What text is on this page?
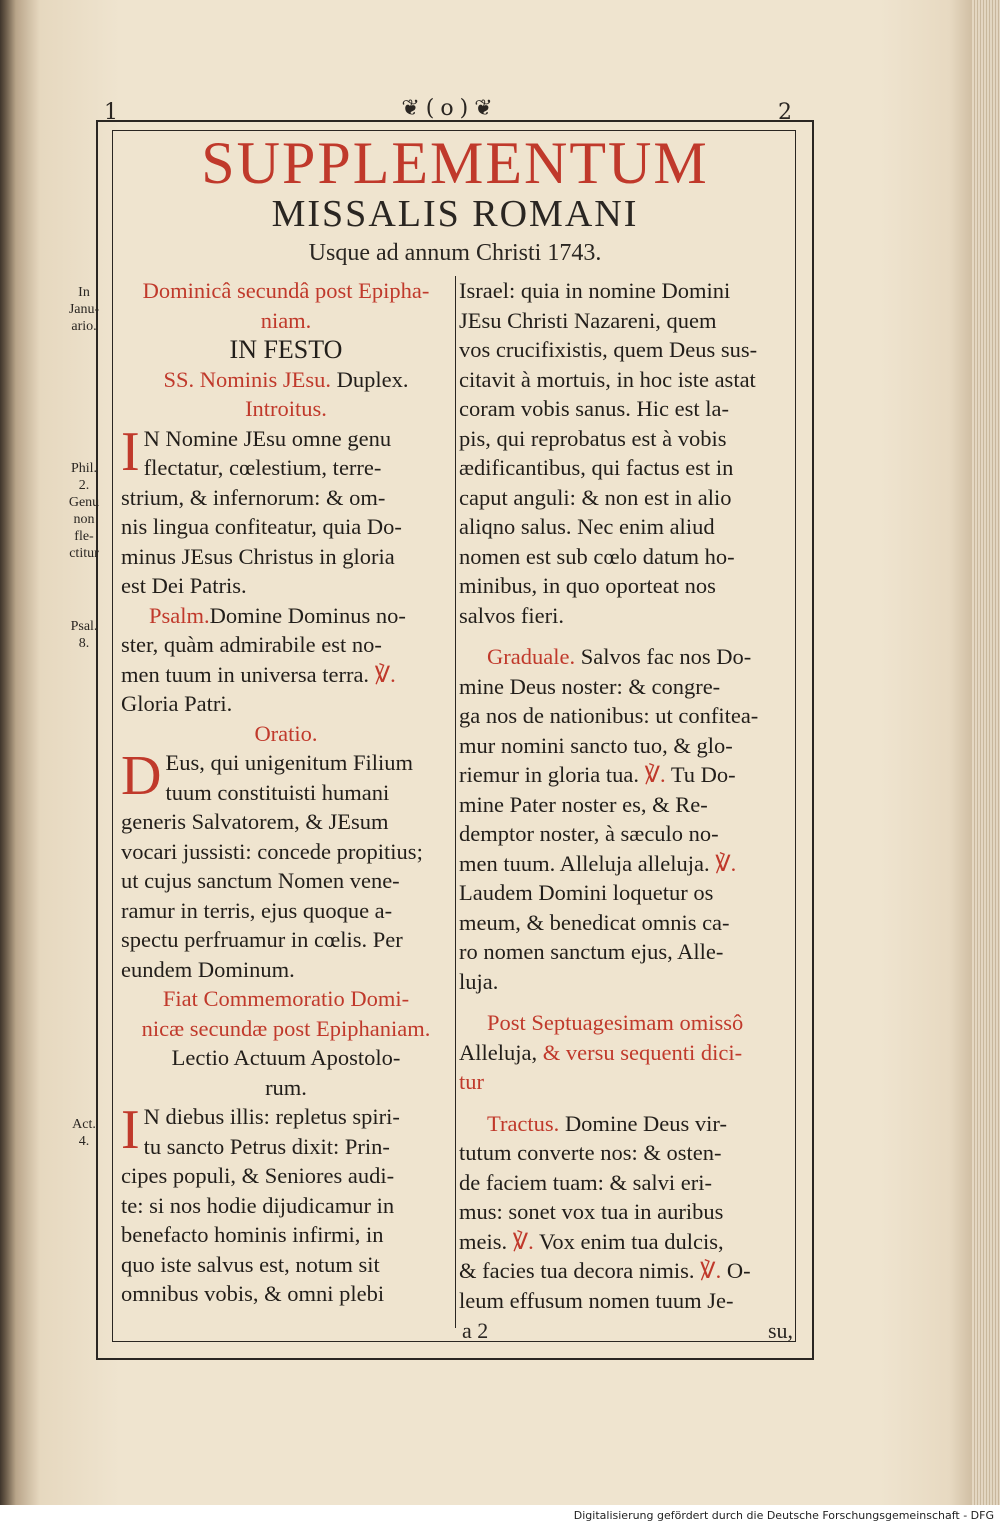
❦(o)❦
1	2
SUPPLEMENTUM
MISSALIS ROMANI
Usque ad annum Christi 1743.
In
Janu-
ario.
Phil.
2.
Genu
non
fle-
ctitur
Psal.
8.
Act.
4.
Dominicâ secundâ post Epipha-
niam.
IN FESTO
SS. Nominis JEsu. Duplex.
Introitus.
I N Nomine JEsu omne genu
flectatur, cœlestium, terre-
strium, & infernorum: & om-
nis lingua confiteatur, quia Do-
minus JEsus Christus in gloria
est Dei Patris.
Psalm.Domine Dominus no-
ster, quàm admirabile est no-
men tuum in universa terra. ℣.
Gloria Patri.
Oratio.
D Eus, qui unigenitum Filium
tuum constituisti humani
generis Salvatorem, & JEsum
vocari jussisti: concede propitius;
ut cujus sanctum Nomen vene-
ramur in terris, ejus quoque a-
spectu perfruamur in cœlis. Per
eundem Dominum.
Fiat Commemoratio Domi-
nicæ secundæ post Epiphaniam.
Lectio Actuum Apostolo-
rum.
I N diebus illis: repletus spiri-
tu sancto Petrus dixit: Prin-
cipes populi, & Seniores audi-
te: si nos hodie dijudicamur in
benefacto hominis infirmi, in
quo iste salvus est, notum sit
omnibus vobis, & omni plebi
Israel: quia in nomine Domini
JEsu Christi Nazareni, quem
vos crucifixistis, quem Deus sus-
citavit à mortuis, in hoc iste astat
coram vobis sanus. Hic est la-
pis, qui reprobatus est à vobis
ædificantibus, qui factus est in
caput anguli: & non est in alio
aliqno salus. Nec enim aliud
nomen est sub cœlo datum ho-
minibus, in quo oporteat nos
salvos fieri.
Graduale. Salvos fac nos Do-
mine Deus noster: & congre-
ga nos de nationibus: ut confitea-
mur nomini sancto tuo, & glo-
riemur in gloria tua. ℣. Tu Do-
mine Pater noster es, & Re-
demptor noster, à sæculo no-
men tuum. Alleluja alleluja. ℣.
Laudem Domini loquetur os
meum, & benedicat omnis ca-
ro nomen sanctum ejus, Alle-
luja.
Post Septuagesimam omissô
Alleluja, & versu sequenti dici-
tur
Tractus. Domine Deus vir-
tutum converte nos: & osten-
de faciem tuam: & salvi eri-
mus: sonet vox tua in auribus
meis. ℣. Vox enim tua dulcis,
& facies tua decora nimis. ℣. O-
leum effusum nomen tuum Je-
a 2	su,
Digitalisierung gefördert durch die Deutsche Forschungsgemeinschaft - DFG
